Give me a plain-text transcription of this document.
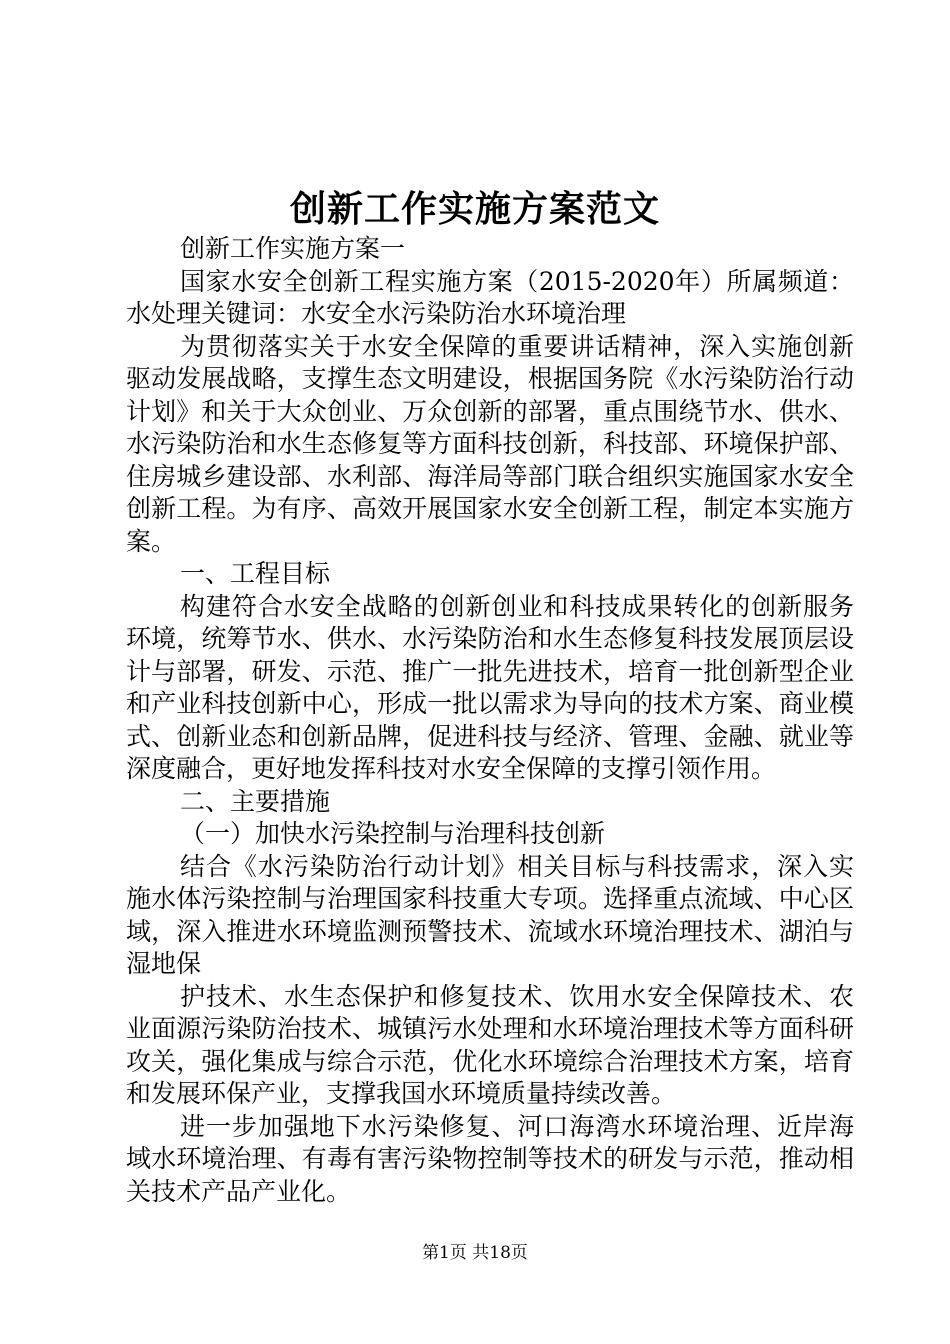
创新工作实施方案范文

创新工作实施方案一

国家水安全创新工程实施方案（2015-2020年）所属频道：水处理关键词：水安全水污染防治水环境治理

为贯彻落实关于水安全保障的重要讲话精神，深入实施创新驱动发展战略，支撑生态文明建设，根据国务院《水污染防治行动计划》和关于大众创业、万众创新的部署，重点围绕节水、供水、水污染防治和水生态修复等方面科技创新，科技部、环境保护部、住房城乡建设部、水利部、海洋局等部门联合组织实施国家水安全创新工程。为有序、高效开展国家水安全创新工程，制定本实施方案。

一、工程目标

构建符合水安全战略的创新创业和科技成果转化的创新服务环境，统筹节水、供水、水污染防治和水生态修复科技发展顶层设计与部署，研发、示范、推广一批先进技术，培育一批创新型企业和产业科技创新中心，形成一批以需求为导向的技术方案、商业模式、创新业态和创新品牌，促进科技与经济、管理、金融、就业等深度融合，更好地发挥科技对水安全保障的支撑引领作用。

二、主要措施

（一）加快水污染控制与治理科技创新

结合《水污染防治行动计划》相关目标与科技需求，深入实施水体污染控制与治理国家科技重大专项。选择重点流域、中心区域，深入推进水环境监测预警技术、流域水环境治理技术、湖泊与湿地保

护技术、水生态保护和修复技术、饮用水安全保障技术、农业面源污染防治技术、城镇污水处理和水环境治理技术等方面科研攻关，强化集成与综合示范，优化水环境综合治理技术方案，培育和发展环保产业，支撑我国水环境质量持续改善。

进一步加强地下水污染修复、河口海湾水环境治理、近岸海域水环境治理、有毒有害污染物控制等技术的研发与示范，推动相关技术产品产业化。

第1页 共18页
